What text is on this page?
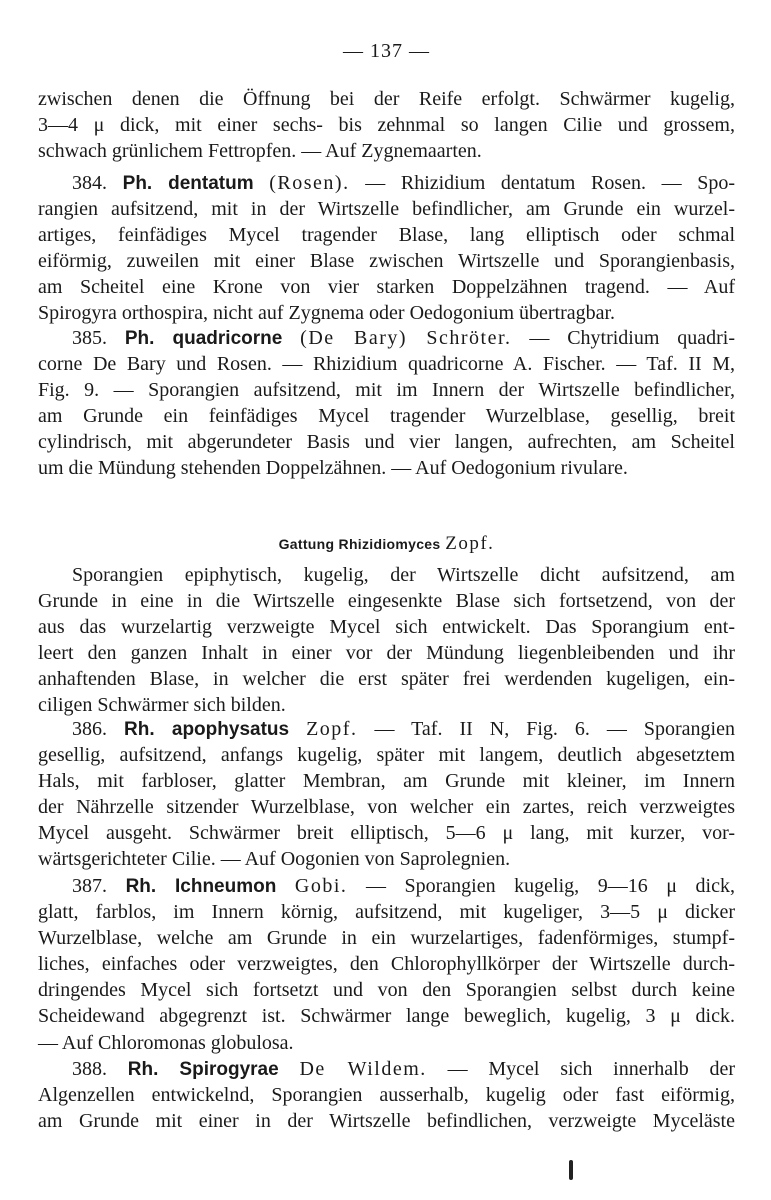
— 137 —
zwischen denen die Öffnung bei der Reife erfolgt. Schwärmer kugelig,
3—4 μ dick, mit einer sechs- bis zehnmal so langen Cilie und grossem,
schwach grünlichem Fettropfen. — Auf Zygnemaarten.
384. Ph. dentatum (Rosen). — Rhizidium dentatum Rosen. — Spo-
rangien aufsitzend, mit in der Wirtszelle befindlicher, am Grunde ein wurzel-
artiges, feinfädiges Mycel tragender Blase, lang elliptisch oder schmal
eiförmig, zuweilen mit einer Blase zwischen Wirtszelle und Sporangienbasis,
am Scheitel eine Krone von vier starken Doppelzähnen tragend. — Auf
Spirogyra orthospira, nicht auf Zygnema oder Oedogonium übertragbar.
385. Ph. quadricorne (De Bary) Schröter. — Chytridium quadri-
corne De Bary und Rosen. — Rhizidium quadricorne A. Fischer. — Taf. II M,
Fig. 9. — Sporangien aufsitzend, mit im Innern der Wirtszelle befindlicher,
am Grunde ein feinfädiges Mycel tragender Wurzelblase, gesellig, breit
cylindrisch, mit abgerundeter Basis und vier langen, aufrechten, am Scheitel
um die Mündung stehenden Doppelzähnen. — Auf Oedogonium rivulare.
Gattung Rhizidiomyces Zopf.
Sporangien epiphytisch, kugelig, der Wirtszelle dicht aufsitzend, am
Grunde in eine in die Wirtszelle eingesenkte Blase sich fortsetzend, von der
aus das wurzelartig verzweigte Mycel sich entwickelt. Das Sporangium ent-
leert den ganzen Inhalt in einer vor der Mündung liegenbleibenden und ihr
anhaftenden Blase, in welcher die erst später frei werdenden kugeligen, ein-
ciligen Schwärmer sich bilden.
386. Rh. apophysatus Zopf. — Taf. II N, Fig. 6. — Sporangien
gesellig, aufsitzend, anfangs kugelig, später mit langem, deutlich abgesetztem
Hals, mit farbloser, glatter Membran, am Grunde mit kleiner, im Innern
der Nährzelle sitzender Wurzelblase, von welcher ein zartes, reich verzweigtes
Mycel ausgeht. Schwärmer breit elliptisch, 5—6 μ lang, mit kurzer, vor-
wärtsgerichteter Cilie. — Auf Oogonien von Saprolegnien.
387. Rh. Ichneumon Gobi. — Sporangien kugelig, 9—16 μ dick,
glatt, farblos, im Innern körnig, aufsitzend, mit kugeliger, 3—5 μ dicker
Wurzelblase, welche am Grunde in ein wurzelartiges, fadenförmiges, stumpf-
liches, einfaches oder verzweigtes, den Chlorophyllkörper der Wirtszelle durch-
dringendes Mycel sich fortsetzt und von den Sporangien selbst durch keine
Scheidewand abgegrenzt ist. Schwärmer lange beweglich, kugelig, 3 μ dick.
— Auf Chloromonas globulosa.
388. Rh. Spirogyrae De Wildem. — Mycel sich innerhalb der
Algenzellen entwickelnd, Sporangien ausserhalb, kugelig oder fast eiförmig,
am Grunde mit einer in der Wirtszelle befindlichen, verzweigte Myceläste
